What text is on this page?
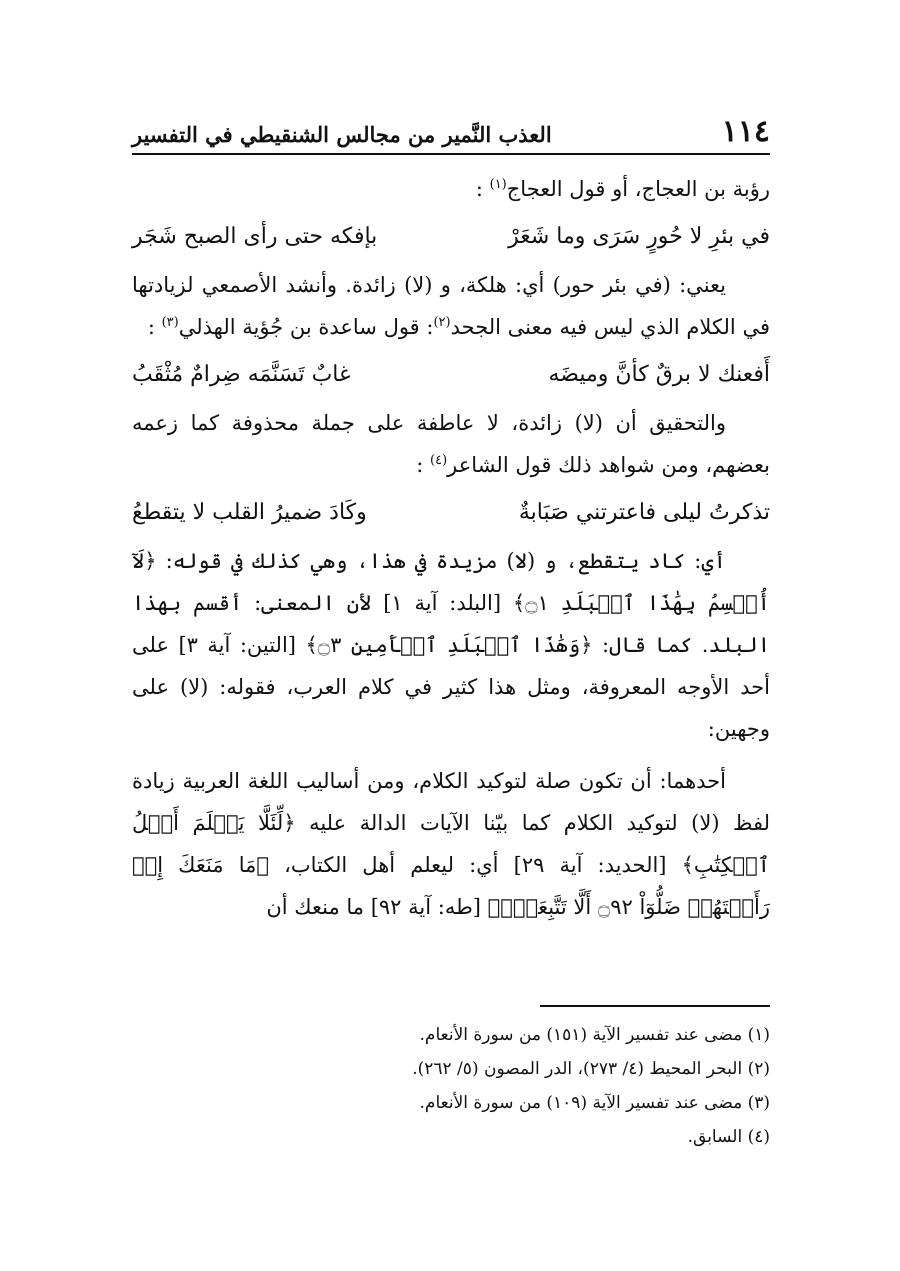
١١٤
العذب النَّمير من مجالس الشنقيطي في التفسير

رؤبة بن العجاج، أو قول العجاج$^{(١)}$ :

في بئرِ لا حُورٍ سَرَى وما شَعَرْ
بإفكه حتى رأى الصبح شَجَر

يعني: (في بئر حور) أي: هلكة، و (لا) زائدة. وأنشد الأصمعي لزيادتها في الكلام الذي ليس فيه معنى الجحد$^{(٢)}$: قول ساعدة بن جُؤية الهذلي$^{(٣)}$ :

أَفعنك لا برقٌ كأنَّ وميضَه
غابٌ تَسَنَّمَه ضِرامٌ مُثْقَبُ

والتحقيق أن (لا) زائدة، لا عاطفة على جملة محذوفة كما زعمه بعضهم، ومن شواهد ذلك قول الشاعر$^{(٤)}$ :

تذكرتُ ليلى فاعترتني صَبَابةٌ
وكَادَ ضميرُ القلب لا يتقطعُ

أي: كاد يتقطع، و (لا) مزيدة في هذا، وهي كذلك في قوله: ﴿لَآ أُقۡسِمُ بِهَٰذَا ٱلۡبَلَدِ ۝١﴾ [البلد: آية ١] لأن المعنى: أقسم بهذا البلد. كما قال: ﴿وَهَٰذَا ٱلۡبَلَدِ ٱلۡأَمِينِ ۝٣﴾ [التين: آية ٣] على أحد الأوجه المعروفة، ومثل هذا كثير في كلام العرب، فقوله: (لا) على وجهين:

أحدهما: أن تكون صلة لتوكيد الكلام، ومن أساليب اللغة العربية زيادة لفظ (لا) لتوكيد الكلام كما بيّنا الآيات الدالة عليه ﴿لِّئَلَّا يَعۡلَمَ أَهۡلُ ٱلۡكِتَٰبِ﴾ [الحديد: آية ٢٩] أي: ليعلم أهل الكتاب، ﴿مَا مَنَعَكَ إِذۡ رَأَيۡتَهُمۡ ضَلُّوٓاْ ۝٩٢ أَلَّا تَتَّبِعَنِۖ﴾ [طه: آية ٩٢] ما منعك أن

(١) مضى عند تفسير الآية (١٥١) من سورة الأنعام.
(٢) البحر المحيط (٤/ ٢٧٣)، الدر المصون (٥/ ٢٦٢).
(٣) مضى عند تفسير الآية (١٠٩) من سورة الأنعام.
(٤) السابق.
